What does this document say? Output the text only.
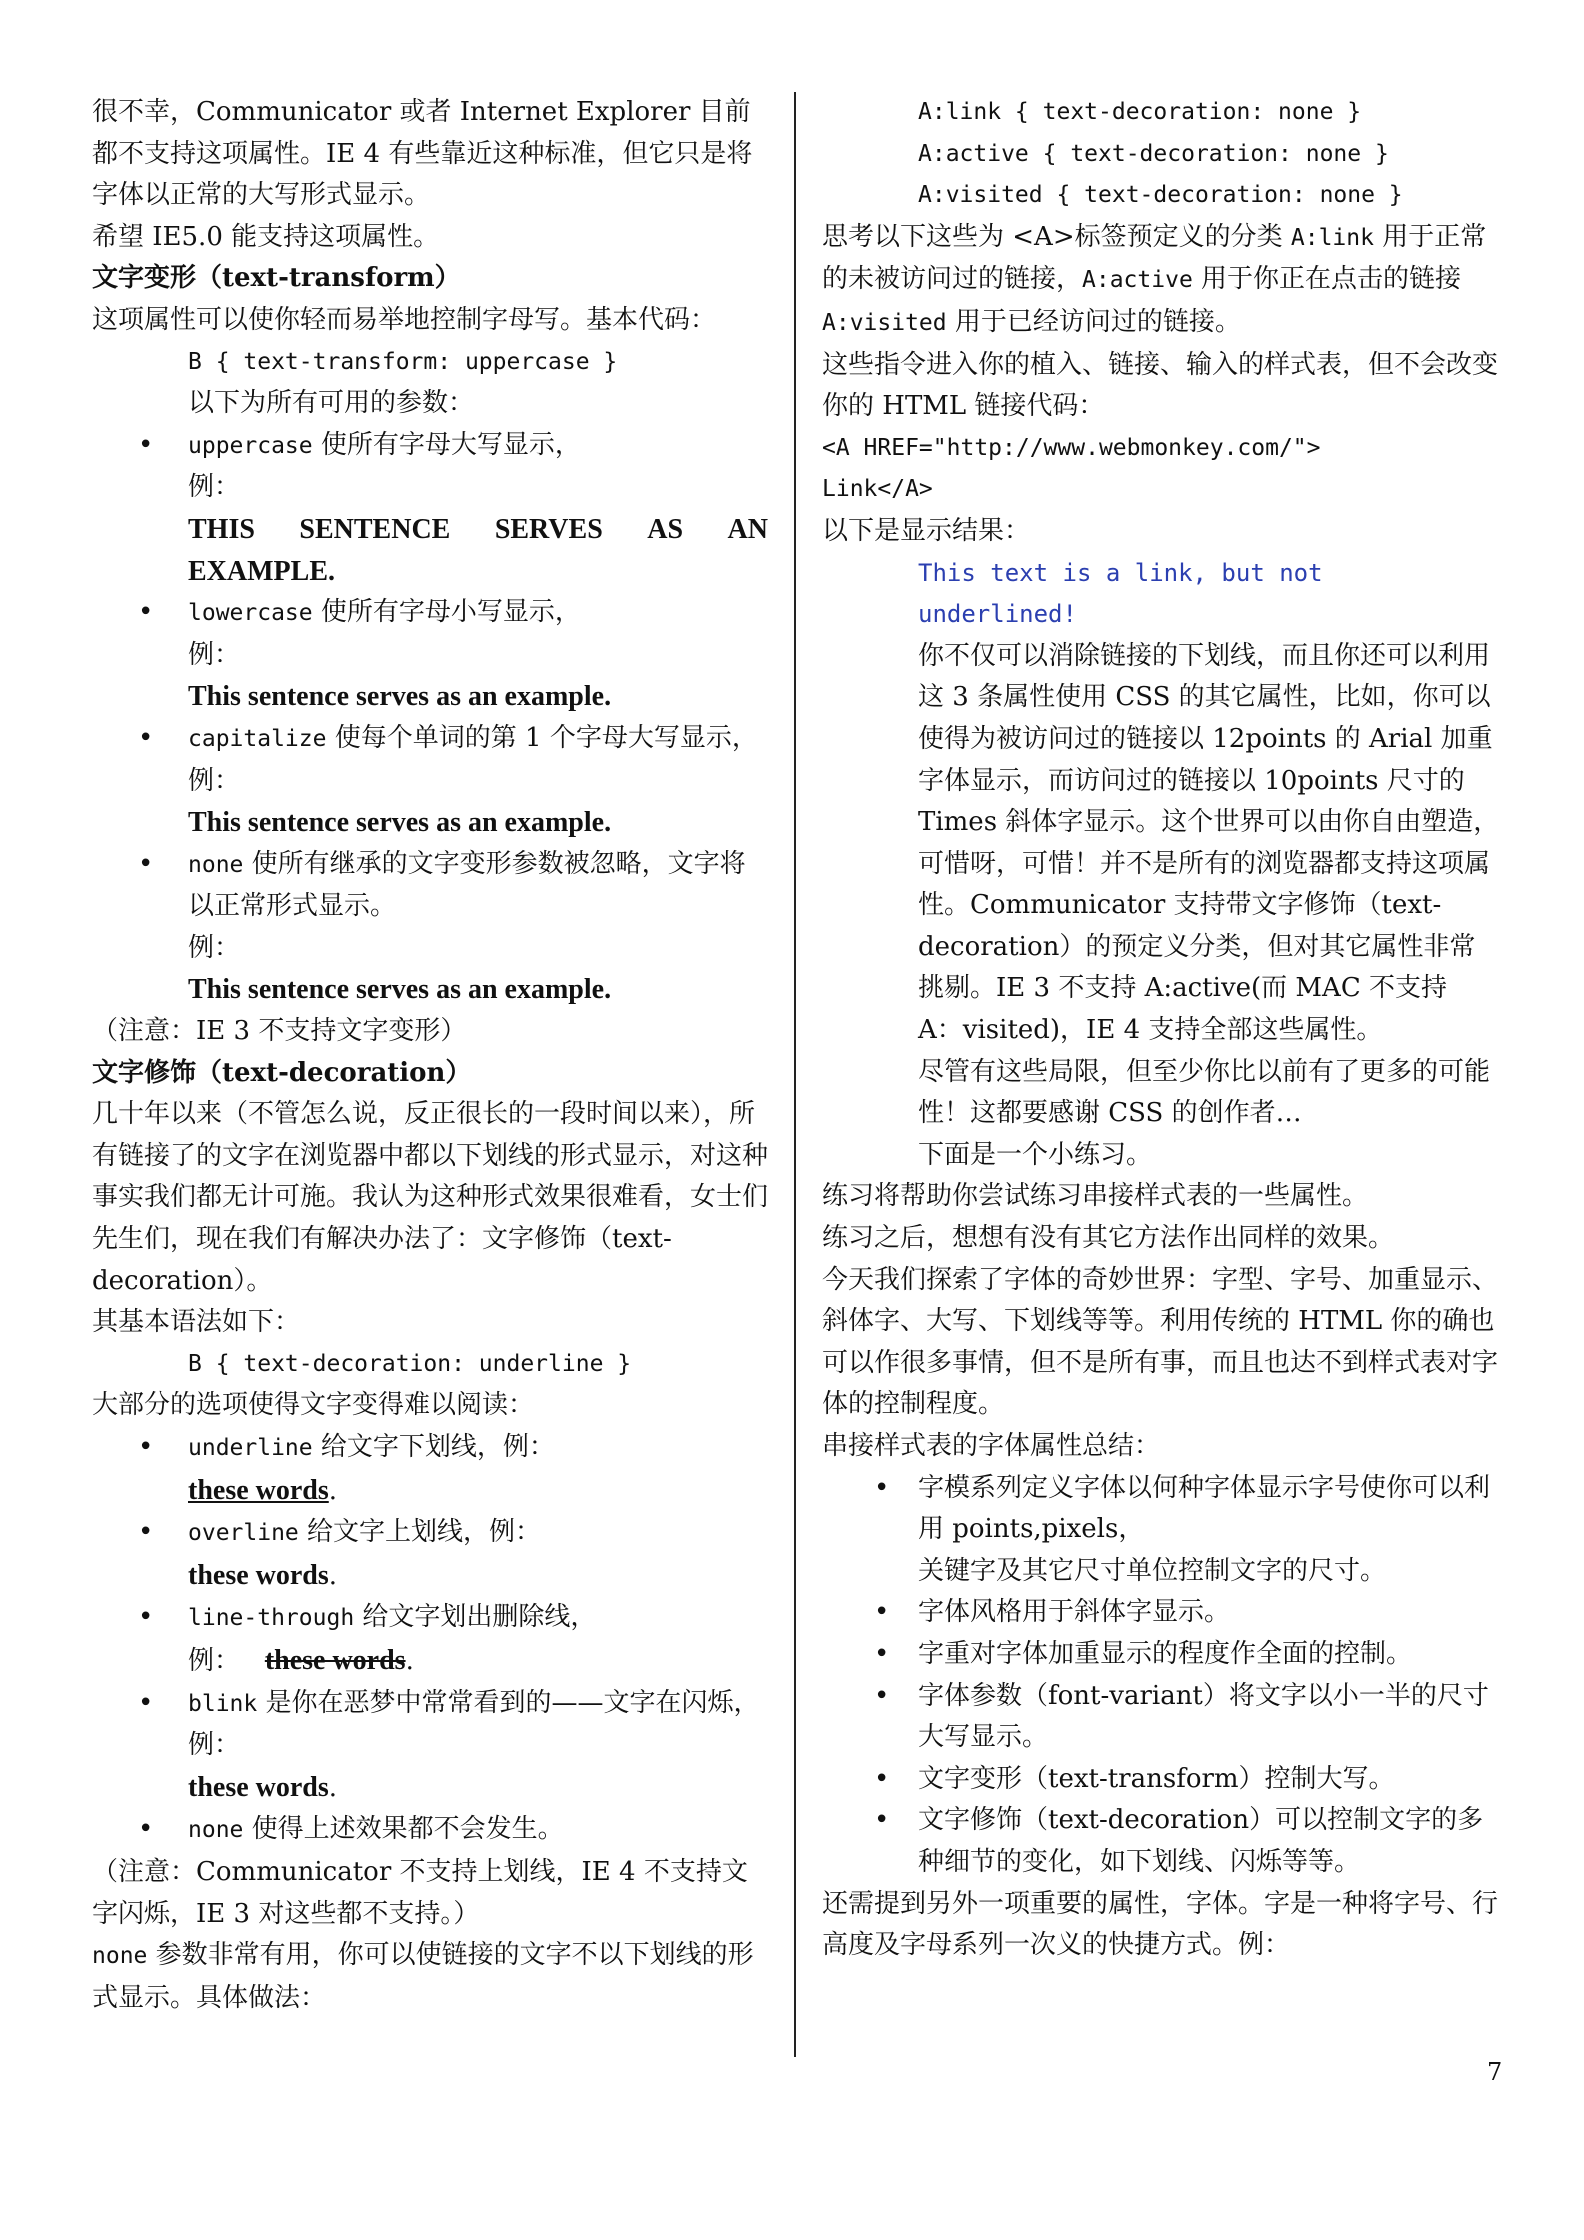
很不幸，Communicator 或者 Internet Explorer 目前都不支持这项属性。IE 4 有些靠近这种标准，但它只是将字体以正常的大写形式显示。

希望 IE5.0 能支持这项属性。

文字变形（text-transform）

这项属性可以使你轻而易举地控制字母写。基本代码：

B { text-transform: uppercase }

以下为所有可用的参数：

• uppercase 使所有字母大写显示，
例：
THIS SENTENCE SERVES AS AN
EXAMPLE.
• lowercase 使所有字母小写显示，
例：
This sentence serves as an example.
• capitalize 使每个单词的第 1 个字母大写显示，例：
This sentence serves as an example.
• none 使所有继承的文字变形参数被忽略，文字将以正常形式显示。
例：
This sentence serves as an example.

（注意：IE 3 不支持文字变形）

文字修饰（text-decoration）

几十年以来（不管怎么说，反正很长的一段时间以来），所有链接了的文字在浏览器中都以下划线的形式显示，对这种事实我们都无计可施。我认为这种形式效果很难看，女士们先生们，现在我们有解决办法了：文字修饰（text-decoration）。

其基本语法如下：

B { text-decoration: underline }

大部分的选项使得文字变得难以阅读：

• underline 给文字下划线，例：
these words.
• overline 给文字上划线，例：
these words.
• line-through 给文字划出删除线，
例： these words.
• blink 是你在恶梦中常常看到的——文字在闪烁，例：
these words.
• none 使得上述效果都不会发生。

（注意：Communicator 不支持上划线，IE 4 不支持文字闪烁，IE 3 对这些都不支持。）

none 参数非常有用，你可以使链接的文字不以下划线的形式显示。具体做法：

A:link { text-decoration: none }

A:active { text-decoration: none }

A:visited { text-decoration: none }

思考以下这些为 <A>标签预定义的分类 A:link 用于正常的未被访问过的链接，A:active 用于你正在点击的链接

A:visited 用于已经访问过的链接。

这些指令进入你的植入、链接、输入的样式表，但不会改变你的 HTML 链接代码：

<A HREF="http://www.webmonkey.com/">

Link</A>

以下是显示结果：

This text is a link, but not underlined!

你不仅可以消除链接的下划线，而且你还可以利用这 3 条属性使用 CSS 的其它属性，比如，你可以使得为被访问过的链接以 12points 的 Arial 加重字体显示，而访问过的链接以 10points 尺寸的 Times 斜体字显示。这个世界可以由你自由塑造，

可惜呀，可惜！并不是所有的浏览器都支持这项属性。Communicator 支持带文字修饰（text-decoration）的预定义分类，但对其它属性非常挑剔。IE 3 不支持 A:active(而 MAC 不支持 A：visited)，IE 4 支持全部这些属性。

尽管有这些局限，但至少你比以前有了更多的可能性！这都要感谢 CSS 的创作者…

下面是一个小练习。

练习将帮助你尝试练习串接样式表的一些属性。

练习之后，想想有没有其它方法作出同样的效果。

今天我们探索了字体的奇妙世界：字型、字号、加重显示、斜体字、大写、下划线等等。利用传统的 HTML 你的确也可以作很多事情，但不是所有事，而且也达不到样式表对字体的控制程度。

串接样式表的字体属性总结：

• 字模系列定义字体以何种字体显示字号使你可以利用 points,pixels，
关键字及其它尺寸单位控制文字的尺寸。
• 字体风格用于斜体字显示。
• 字重对字体加重显示的程度作全面的控制。
• 字体参数（font-variant）将文字以小一半的尺寸大写显示。
• 文字变形（text-transform）控制大写。
• 文字修饰（text-decoration）可以控制文字的多种细节的变化，如下划线、闪烁等等。

还需提到另外一项重要的属性，字体。字是一种将字号、行高度及字母系列一次义的快捷方式。例：

7
